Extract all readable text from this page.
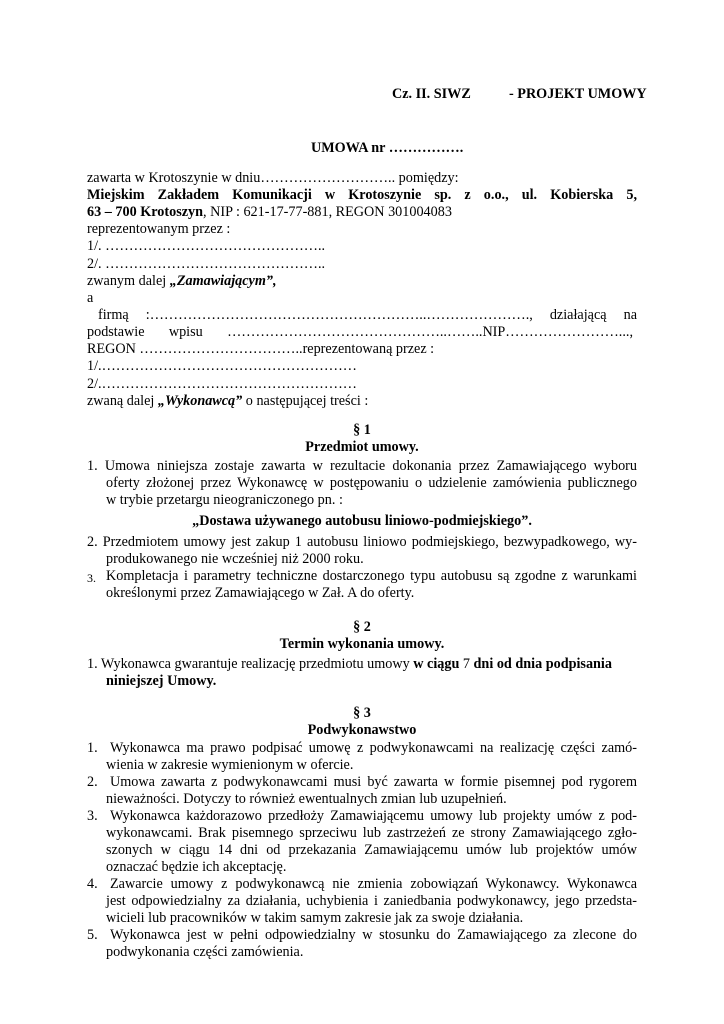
Cz. II. SIWZ	- PROJEKT UMOWY
UMOWA nr …………….
zawarta w Krotoszynie w dniu……………………….. pomiędzy:
Miejskim Zakładem Komunikacji w Krotoszynie sp. z o.o., ul. Kobierska 5,
63 – 700 Krotoszyn, NIP : 621-17-77-881, REGON 301004083
reprezentowanym przez :
1/. ………………………………………..
2/. ………………………………………..
zwanym dalej „Zamawiającym”,
a
firmą :…………………………………………………..…………………., działającą na
podstawie wpisu ………………………………………..……..NIP……………………...,
REGON ……………………………..reprezentowaną przez :
1/.………………………………………………
2/.………………………………………………
zwaną dalej „Wykonawcą” o następującej treści :
§ 1
Przedmiot umowy.
1. Umowa niniejsza zostaje zawarta w rezultacie dokonania przez Zamawiającego wyboru
oferty złożonej przez Wykonawcę w postępowaniu o udzielenie zamówienia publicznego
w trybie przetargu nieograniczonego pn. :
„Dostawa używanego autobusu liniowo-podmiejskiego”.
2. Przedmiotem umowy jest zakup 1 autobusu liniowo podmiejskiego, bezwypadkowego, wy-
produkowanego nie wcześniej niż 2000 roku.
3. Kompletacja i parametry techniczne dostarczonego typu autobusu są zgodne z warunkami
określonymi przez Zamawiającego w Zał. A do oferty.
§ 2
Termin wykonania umowy.
1. Wykonawca gwarantuje realizację przedmiotu umowy w ciągu 7 dni od dnia podpisania
niniejszej Umowy.
§ 3
Podwykonawstwo
1. Wykonawca ma prawo podpisać umowę z podwykonawcami na realizację części zamó-
wienia w zakresie wymienionym w ofercie.
2. Umowa zawarta z podwykonawcami musi być zawarta w formie pisemnej pod rygorem
nieważności. Dotyczy to również ewentualnych zmian lub uzupełnień.
3. Wykonawca każdorazowo przedłoży Zamawiającemu umowy lub projekty umów z pod-
wykonawcami. Brak pisemnego sprzeciwu lub zastrzeżeń ze strony Zamawiającego zgło-
szonych w ciągu 14 dni od przekazania Zamawiającemu umów lub projektów umów
oznaczać będzie ich akceptację.
4. Zawarcie umowy z podwykonawcą nie zmienia zobowiązań Wykonawcy. Wykonawca
jest odpowiedzialny za działania, uchybienia i zaniedbania podwykonawcy, jego przedsta-
wicieli lub pracowników w takim samym zakresie jak za swoje działania.
5. Wykonawca jest w pełni odpowiedzialny w stosunku do Zamawiającego za zlecone do
podwykonania części zamówienia.
